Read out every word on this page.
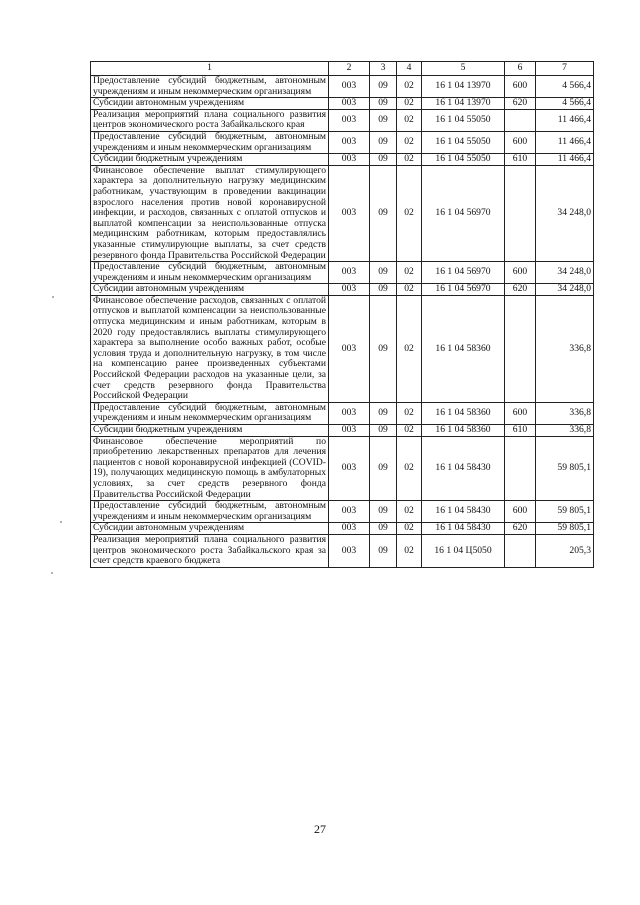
1	2	3	4	5	6	7
Предоставление субсидий бюджетным, автономным учреждениям и иным некоммерческим организациям	003	09	02	16 1 04 13970	600	4 566,4
Субсидии автономным учреждениям	003	09	02	16 1 04 13970	620	4 566,4
Реализация мероприятий плана социального развития центров экономического роста Забайкальского края	003	09	02	16 1 04 55050		11 466,4
Предоставление субсидий бюджетным, автономным учреждениям и иным некоммерческим организациям	003	09	02	16 1 04 55050	600	11 466,4
Субсидии бюджетным учреждениям	003	09	02	16 1 04 55050	610	11 466,4
Финансовое обеспечение выплат стимулирующего характера за дополнительную нагрузку медицинским работникам, участвующим в проведении вакцинации взрослого населения против новой коронавирусной инфекции, и расходов, связанных с оплатой отпусков и выплатой компенсации за неиспользованные отпуска медицинским работникам, которым предоставлялись указанные стимулирующие выплаты, за счет средств резервного фонда Правительства Российской Федерации	003	09	02	16 1 04 56970		34 248,0
Предоставление субсидий бюджетным, автономным учреждениям и иным некоммерческим организациям	003	09	02	16 1 04 56970	600	34 248,0
Субсидии автономным учреждениям	003	09	02	16 1 04 56970	620	34 248,0
Финансовое обеспечение расходов, связанных с оплатой отпусков и выплатой компенсации за неиспользованные отпуска медицинским и иным работникам, которым в 2020 году предоставлялись выплаты стимулирующего характера за выполнение особо важных работ, особые условия труда и дополнительную нагрузку, в том числе на компенсацию ранее произведенных субъектами Российской Федерации расходов на указанные цели, за счет средств резервного фонда Правительства Российской Федерации	003	09	02	16 1 04 58360		336,8
Предоставление субсидий бюджетным, автономным учреждениям и иным некоммерческим организациям	003	09	02	16 1 04 58360	600	336,8
Субсидии бюджетным учреждениям	003	09	02	16 1 04 58360	610	336,8
Финансовое обеспечение мероприятий по приобретению лекарственных препаратов для лечения пациентов с новой коронавирусной инфекцией (COVID-19), получающих медицинскую помощь в амбулаторных условиях, за счет средств резервного фонда Правительства Российской Федерации	003	09	02	16 1 04 58430		59 805,1
Предоставление субсидий бюджетным, автономным учреждениям и иным некоммерческим организациям	003	09	02	16 1 04 58430	600	59 805,1
Субсидии автономным учреждениям	003	09	02	16 1 04 58430	620	59 805,1
Реализация мероприятий плана социального развития центров экономического роста Забайкальского края за счет средств краевого бюджета	003	09	02	16 1 04 Ц5050		205,3
27
